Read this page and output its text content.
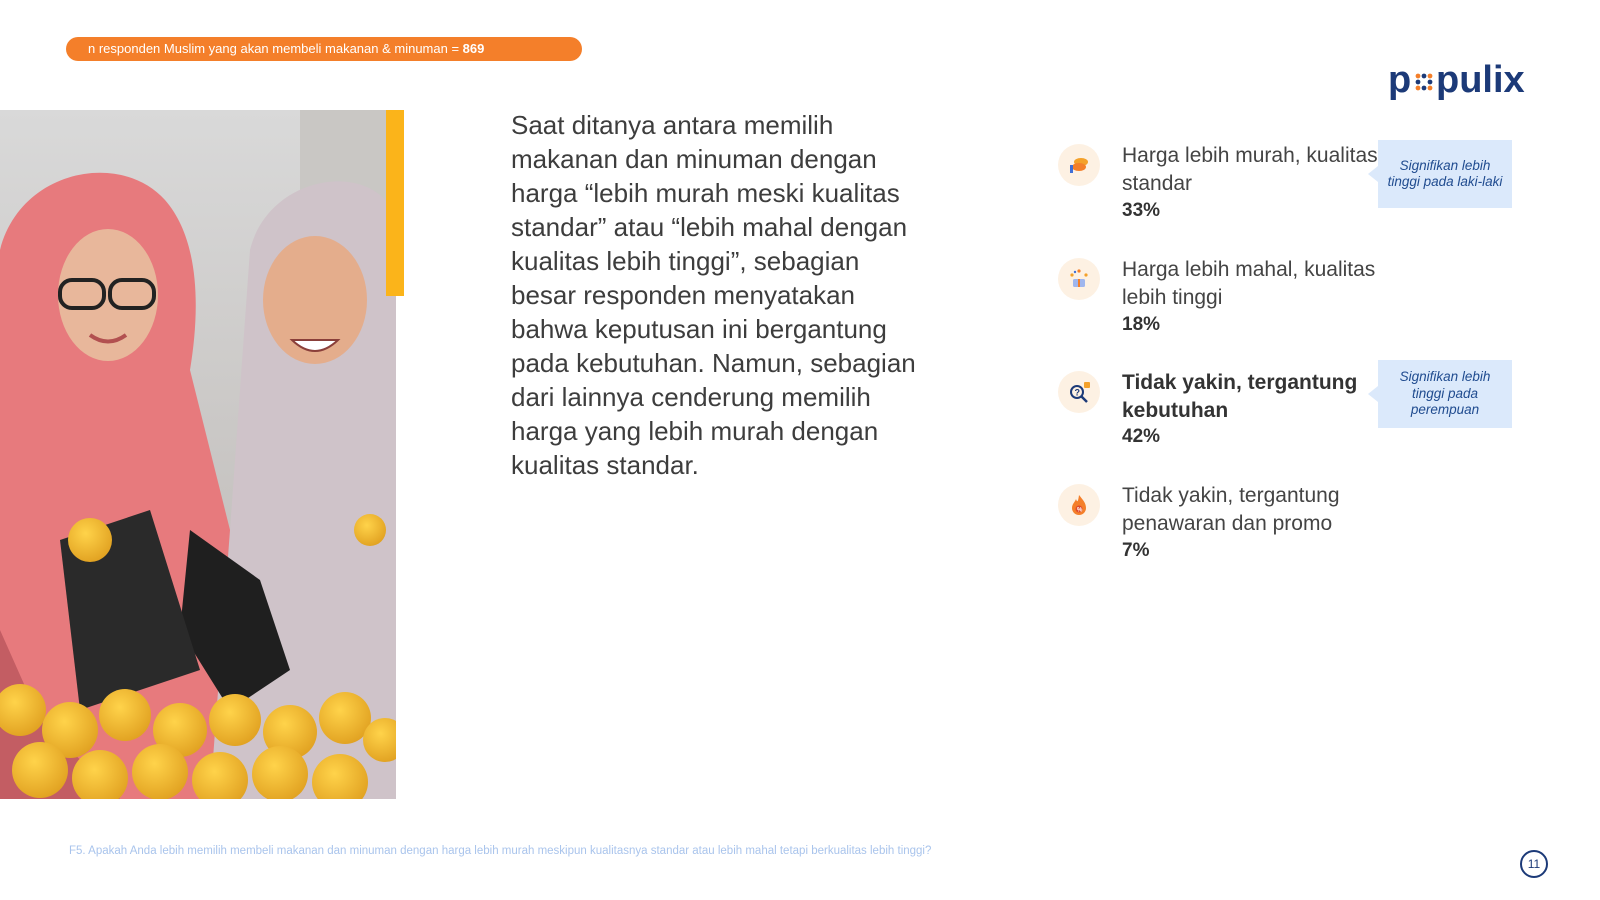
n responden Muslim yang akan membeli makanan & minuman = 869
p pulix
Saat ditanya antara memilih makanan dan minuman dengan harga “lebih murah meski kualitas standar” atau “lebih mahal dengan kualitas lebih tinggi”, sebagian besar responden menyatakan bahwa keputusan ini bergantung pada kebutuhan. Namun, sebagian dari lainnya cenderung memilih harga yang lebih murah dengan kualitas standar.
Harga lebih murah, kualitas standar
33%
Harga lebih mahal, kualitas lebih tinggi
18%
? Tidak yakin, tergantung kebutuhan
42%
%
Tidak yakin, tergantung penawaran dan promo
7%
Signifikan lebih tinggi pada laki-laki
Signifikan lebih tinggi pada perempuan
F5. Apakah Anda lebih memilih membeli makanan dan minuman dengan harga lebih murah meskipun kualitasnya standar atau lebih mahal tetapi berkualitas lebih tinggi?
11
